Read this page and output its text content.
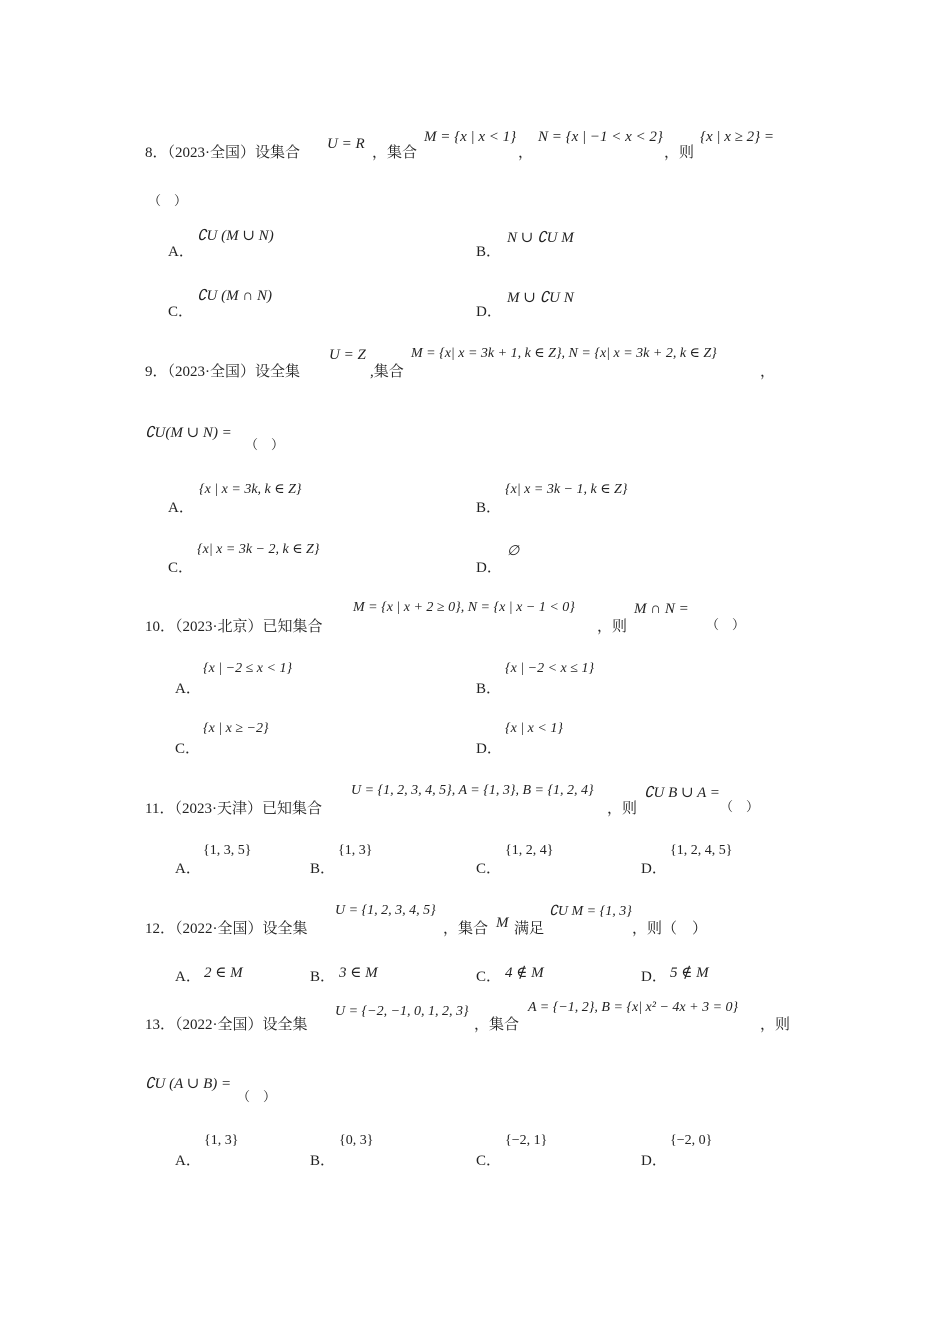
8．（2023·全国）设集合
U = R
，集合
M = {x | x < 1}
，
N = {x | −1 < x < 2}
，则
{x | x ≥ 2} =
（　）
A．
∁U (M ∪ N)
B．
N ∪ ∁U M
C．
∁U (M ∩ N)
D．
M ∪ ∁U N
9．（2023·全国）设全集
U = Z
,集合
M = {x| x = 3k + 1, k ∈ Z}, N = {x| x = 3k + 2, k ∈ Z}
，
∁U(M ∪ N) =
（　）
A．
{x | x = 3k, k ∈ Z}
B．
{x| x = 3k − 1, k ∈ Z}
C．
{x| x = 3k − 2, k ∈ Z}
D．
∅
10．（2023·北京）已知集合
M = {x | x + 2 ≥ 0}, N = {x | x − 1 < 0}
，则
M ∩ N =
（　）
A．
{x | −2 ≤ x < 1}
B．
{x | −2 < x ≤ 1}
C．
{x | x ≥ −2}
D．
{x | x < 1}
11．（2023·天津）已知集合
U = {1, 2, 3, 4, 5}, A = {1, 3}, B = {1, 2, 4}
，则
∁U B ∪ A =
（　）
A．
{1, 3, 5}
B．
{1, 3}
C．
{1, 2, 4}
D．
{1, 2, 4, 5}
12．（2022·全国）设全集
U = {1, 2, 3, 4, 5}
，集合 M 满足
∁U M = {1, 3}
，则（　）
A． 2 ∈ M	B． 3 ∈ M	C． 4 ∉ M	D． 5 ∉ M
13．（2022·全国）设全集
U = {−2, −1, 0, 1, 2, 3}
，集合
A = {−1, 2}, B = {x| x² − 4x + 3 = 0}
，则
∁U (A ∪ B) =
（　）
A．
{1, 3}
B．
{0, 3}
C．
{−2, 1}
D．
{−2, 0}
